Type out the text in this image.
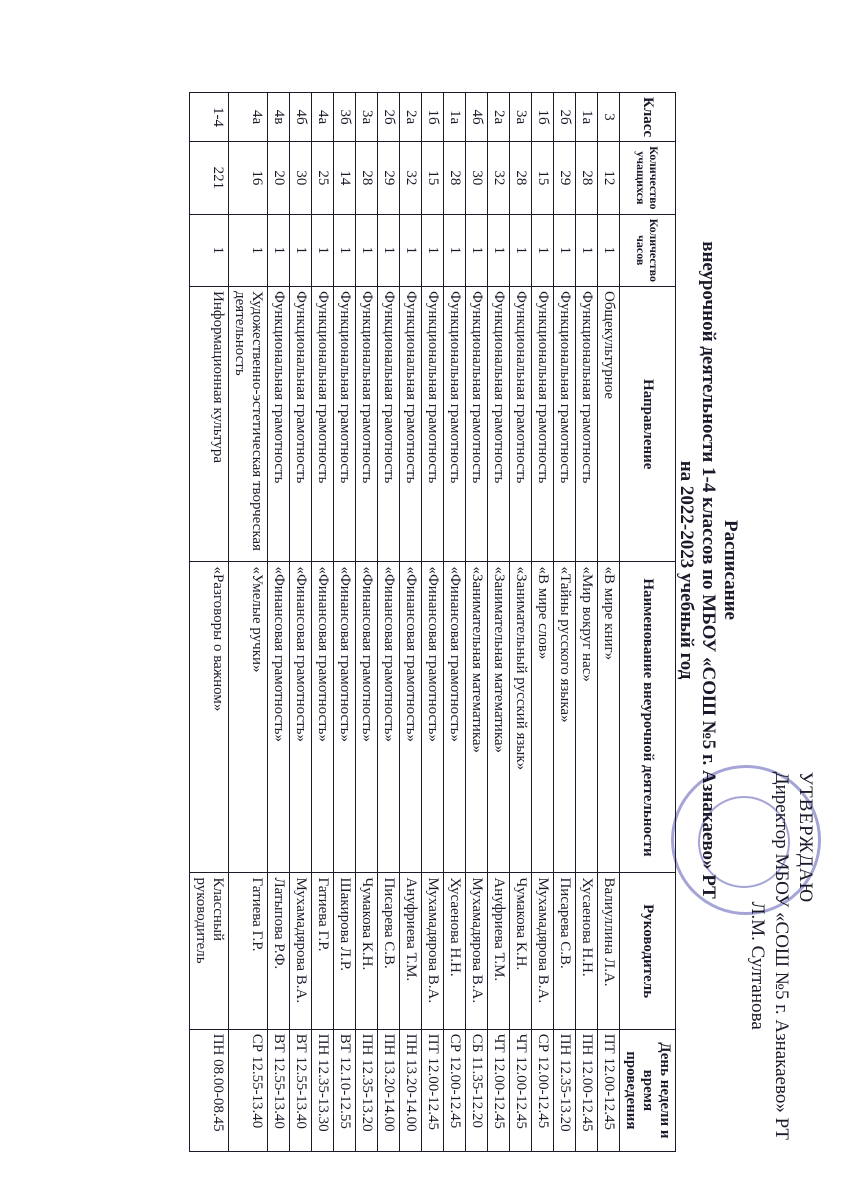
УТВЕРЖДАЮ
Директор МБОУ «СОШ №5 г. Азнакаево» РТ
Л.М. Султанова
Расписание
внеурочной деятельности 1-4 классов по МБОУ «СОШ №5 г. Азнакаево» РТ
на 2022-2023 учебный год
Класс	Количество учащихся	Количество часов	Направление	Наименование внеурочной деятельности	Руководитель	День недели и время проведения
3	12	1	Общекультурное	«В мире книг»	Валиуллина Л.А.	ПТ 12.00-12.45
1а	28	1	Функциональная грамотность	«Мир вокруг нас»	Хусаенова Н.Н.	ПН 12.00-12.45
2б	29	1	Функциональная грамотность	«Тайны русского языка»	Писарева С.В.	ПН 12.35-13.20
1б	15	1	Функциональная грамотность	«В мире слов»	Мухамадярова В.А.	СР 12.00-12.45
3а	28	1	Функциональная грамотность	«Занимательный русский язык»	Чумакова К.Н.	ЧТ 12.00-12.45
2а	32	1	Функциональная грамотность	«Занимательная математика»	Ануфриева Т.М.	ЧТ 12.00-12.45
4б	30	1	Функциональная грамотность	«Занимательная математика»	Мухамадярова В.А.	СБ 11.35-12.20
1а	28	1	Функциональная грамотность	«Финансовая грамотность»	Хусаенова Н.Н.	СР 12.00-12.45
1б	15	1	Функциональная грамотность	«Финансовая грамотность»	Мухамадярова В.А.	ПТ 12.00-12.45
2а	32	1	Функциональная грамотность	«Финансовая грамотность»	Ануфриева Т.М.	ПН 13.20-14.00
2б	29	1	Функциональная грамотность	«Финансовая грамотность»	Писарева С.В.	ПН 13.20-14.00
3а	28	1	Функциональная грамотность	«Финансовая грамотность»	Чумакова К.Н.	ПН 12.35-13.20
3б	14	1	Функциональная грамотность	«Финансовая грамотность»	Шакирова Л.Р.	ВТ 12.10-12.55
4а	25	1	Функциональная грамотность	«Финансовая грамотность»	Гатиева Г.Р.	ПН 12.35-13.30
4б	30	1	Функциональная грамотность	«Финансовая грамотность»	Мухамадярова В.А.	ВТ 12.55-13.40
4в	20	1	Функциональная грамотность	«Финансовая грамотность»	Латыпова Р.Ф.	ВТ 12.55-13.40
4а	16	1	Художественно-эстетическая творческая деятельность	«Умелые ручки»	Гатиева Г.Р.	СР 12.55-13.40
1-4	221	1	Информационная культура	«Разговоры о важном»	Классный руководитель	ПН 08.00-08.45
